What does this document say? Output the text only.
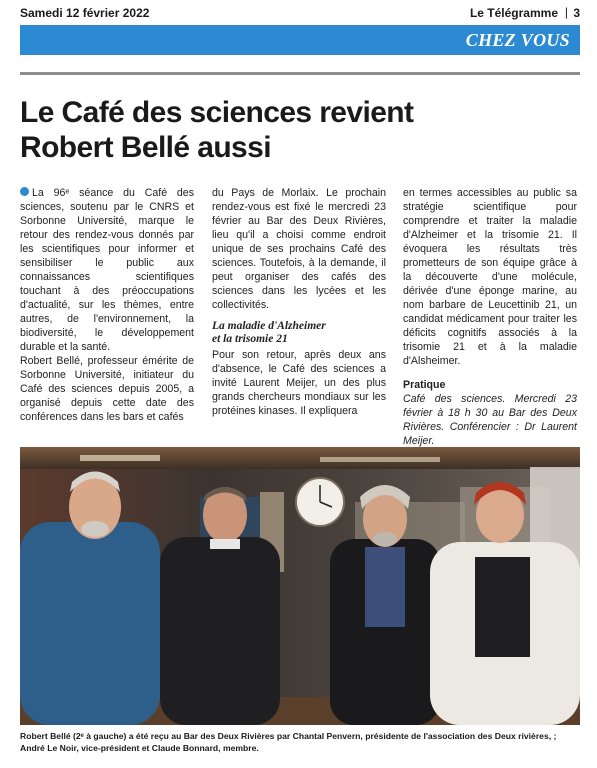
Samedi 12 février 2022	Le Télégramme | 3
CHEZ VOUS
Le Café des sciences revient
Robert Bellé aussi

La 96ᵉ séance du Café des sciences, soutenu par le CNRS et Sorbonne Université, marque le retour des rendez-vous donnés par les scientifiques pour informer et sensibiliser le public aux connaissances scientifiques touchant à des préoccupations d'actualité, sur les thèmes, entre autres, de l'environnement, la biodiversité, le développement durable et la santé.

Robert Bellé, professeur émérite de Sorbonne Université, initiateur du Café des sciences depuis 2005, a organisé depuis cette date des conférences dans les bars et cafés

du Pays de Morlaix. Le prochain rendez-vous est fixé le mercredi 23 février au Bar des Deux Rivières, lieu qu'il a choisi comme endroit unique de ses prochains Café des sciences. Toutefois, à la demande, il peut organiser des cafés des sciences dans les lycées et les collectivités.

La maladie d'Alzheimer
et la trisomie 21

Pour son retour, après deux ans d'absence, le Café des sciences a invité Laurent Meijer, un des plus grands chercheurs mondiaux sur les protéines kinases. Il expliquera

en termes accessibles au public sa stratégie scientifique pour comprendre et traiter la maladie d'Alzheimer et la trisomie 21. Il évoquera les résultats très prometteurs de son équipe grâce à la découverte d'une molécule, dérivée d'une éponge marine, au nom barbare de Leucettinib 21, un candidat médicament pour traiter les déficits cognitifs associés à la trisomie 21 et à la maladie d'Alsheimer.

Pratique

Café des sciences. Mercredi 23 février à 18 h 30 au Bar des Deux Rivières. Conférencier : Dr Laurent Meijer.

Robert Bellé (2ᵉ à gauche) a été reçu au Bar des Deux Rivières par Chantal Penvern, présidente de l'association des Deux rivières, ;

André Le Noir, vice-président et Claude Bonnard, membre.
